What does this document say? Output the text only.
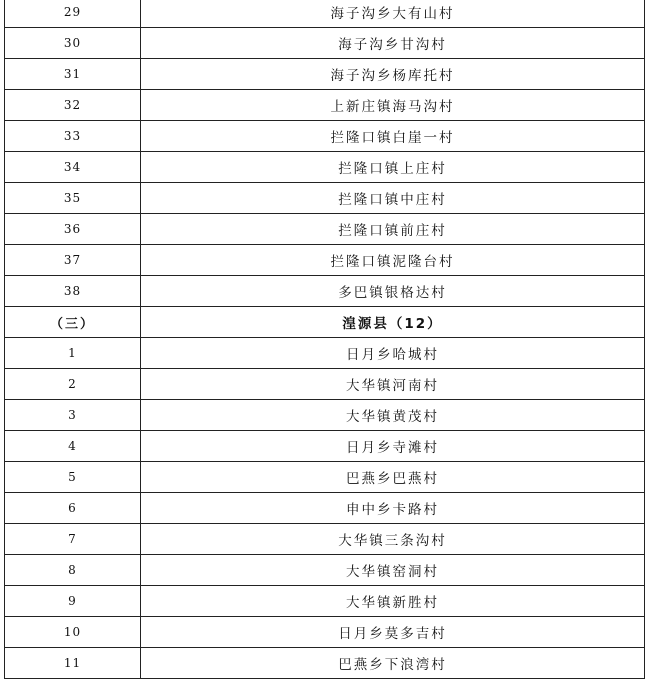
29	海子沟乡大有山村
30	海子沟乡甘沟村
31	海子沟乡杨库托村
32	上新庄镇海马沟村
33	拦隆口镇白崖一村
34	拦隆口镇上庄村
35	拦隆口镇中庄村
36	拦隆口镇前庄村
37	拦隆口镇泥隆台村
38	多巴镇银格达村
（三）	湟源县（12）
1	日月乡哈城村
2	大华镇河南村
3	大华镇黄茂村
4	日月乡寺滩村
5	巴燕乡巴燕村
6	申中乡卡路村
7	大华镇三条沟村
8	大华镇窑洞村
9	大华镇新胜村
10	日月乡莫多吉村
11	巴燕乡下浪湾村
